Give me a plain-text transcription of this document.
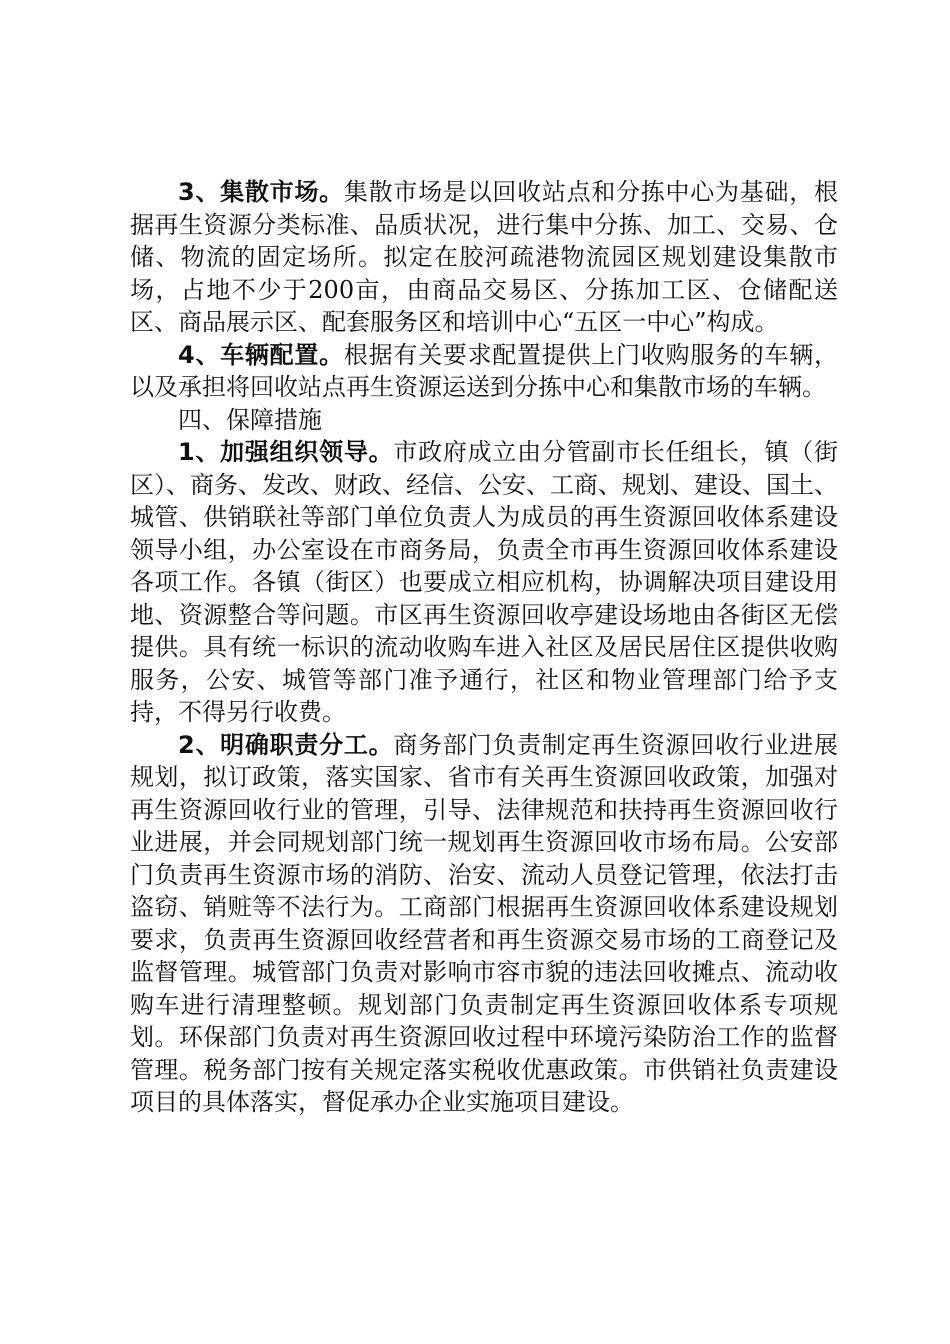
3、集散市场。集散市场是以回收站点和分拣中心为基础，根据再生资源分类标准、品质状况，进行集中分拣、加工、交易、仓储、物流的固定场所。拟定在胶河疏港物流园区规划建设集散市场，占地不少于200亩，由商品交易区、分拣加工区、仓储配送区、商品展示区、配套服务区和培训中心“五区一中心”构成。

4、车辆配置。根据有关要求配置提供上门收购服务的车辆，以及承担将回收站点再生资源运送到分拣中心和集散市场的车辆。

四、保障措施

1、加强组织领导。市政府成立由分管副市长任组长，镇（街区）、商务、发改、财政、经信、公安、工商、规划、建设、国土、城管、供销联社等部门单位负责人为成员的再生资源回收体系建设领导小组，办公室设在市商务局，负责全市再生资源回收体系建设各项工作。各镇（街区）也要成立相应机构，协调解决项目建设用地、资源整合等问题。市区再生资源回收亭建设场地由各街区无偿提供。具有统一标识的流动收购车进入社区及居民居住区提供收购服务，公安、城管等部门准予通行，社区和物业管理部门给予支持，不得另行收费。

2、明确职责分工。商务部门负责制定再生资源回收行业进展规划，拟订政策，落实国家、省市有关再生资源回收政策，加强对再生资源回收行业的管理，引导、法律规范和扶持再生资源回收行业进展，并会同规划部门统一规划再生资源回收市场布局。公安部门负责再生资源市场的消防、治安、流动人员登记管理，依法打击盗窃、销赃等不法行为。工商部门根据再生资源回收体系建设规划要求，负责再生资源回收经营者和再生资源交易市场的工商登记及监督管理。城管部门负责对影响市容市貌的违法回收摊点、流动收购车进行清理整顿。规划部门负责制定再生资源回收体系专项规划。环保部门负责对再生资源回收过程中环境污染防治工作的监督管理。税务部门按有关规定落实税收优惠政策。市供销社负责建设项目的具体落实，督促承办企业实施项目建设。
